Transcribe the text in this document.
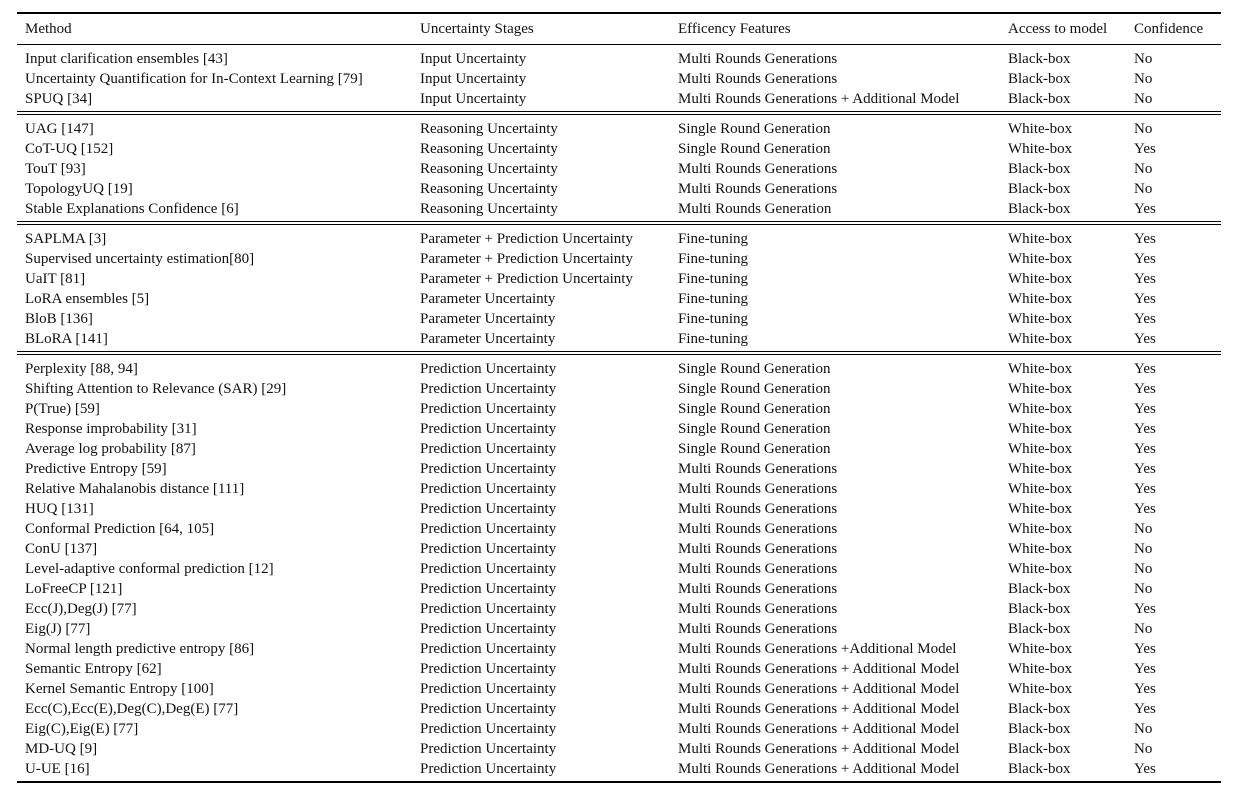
Method	Uncertainty Stages	Efficency Features	Access to model	Confidence
Input clarification ensembles [43]	Input Uncertainty	Multi Rounds Generations	Black-box	No
Uncertainty Quantification for In-Context Learning [79]	Input Uncertainty	Multi Rounds Generations	Black-box	No
SPUQ [34]	Input Uncertainty	Multi Rounds Generations + Additional Model	Black-box	No
UAG [147]	Reasoning Uncertainty	Single Round Generation	White-box	No
CoT-UQ [152]	Reasoning Uncertainty	Single Round Generation	White-box	Yes
TouT [93]	Reasoning Uncertainty	Multi Rounds Generations	Black-box	No
TopologyUQ [19]	Reasoning Uncertainty	Multi Rounds Generations	Black-box	No
Stable Explanations Confidence [6]	Reasoning Uncertainty	Multi Rounds Generation	Black-box	Yes
SAPLMA [3]	Parameter + Prediction Uncertainty	Fine-tuning	White-box	Yes
Supervised uncertainty estimation[80]	Parameter + Prediction Uncertainty	Fine-tuning	White-box	Yes
UaIT [81]	Parameter + Prediction Uncertainty	Fine-tuning	White-box	Yes
LoRA ensembles [5]	Parameter Uncertainty	Fine-tuning	White-box	Yes
BloB [136]	Parameter Uncertainty	Fine-tuning	White-box	Yes
BLoRA [141]	Parameter Uncertainty	Fine-tuning	White-box	Yes
Perplexity [88, 94]	Prediction Uncertainty	Single Round Generation	White-box	Yes
Shifting Attention to Relevance (SAR) [29]	Prediction Uncertainty	Single Round Generation	White-box	Yes
P(True) [59]	Prediction Uncertainty	Single Round Generation	White-box	Yes
Response improbability [31]	Prediction Uncertainty	Single Round Generation	White-box	Yes
Average log probability [87]	Prediction Uncertainty	Single Round Generation	White-box	Yes
Predictive Entropy [59]	Prediction Uncertainty	Multi Rounds Generations	White-box	Yes
Relative Mahalanobis distance [111]	Prediction Uncertainty	Multi Rounds Generations	White-box	Yes
HUQ [131]	Prediction Uncertainty	Multi Rounds Generations	White-box	Yes
Conformal Prediction [64, 105]	Prediction Uncertainty	Multi Rounds Generations	White-box	No
ConU [137]	Prediction Uncertainty	Multi Rounds Generations	White-box	No
Level-adaptive conformal prediction [12]	Prediction Uncertainty	Multi Rounds Generations	White-box	No
LoFreeCP [121]	Prediction Uncertainty	Multi Rounds Generations	Black-box	No
Ecc(J),Deg(J) [77]	Prediction Uncertainty	Multi Rounds Generations	Black-box	Yes
Eig(J) [77]	Prediction Uncertainty	Multi Rounds Generations	Black-box	No
Normal length predictive entropy [86]	Prediction Uncertainty	Multi Rounds Generations +Additional Model	White-box	Yes
Semantic Entropy [62]	Prediction Uncertainty	Multi Rounds Generations + Additional Model	White-box	Yes
Kernel Semantic Entropy [100]	Prediction Uncertainty	Multi Rounds Generations + Additional Model	White-box	Yes
Ecc(C),Ecc(E),Deg(C),Deg(E) [77]	Prediction Uncertainty	Multi Rounds Generations + Additional Model	Black-box	Yes
Eig(C),Eig(E) [77]	Prediction Uncertainty	Multi Rounds Generations + Additional Model	Black-box	No
MD-UQ [9]	Prediction Uncertainty	Multi Rounds Generations + Additional Model	Black-box	No
U-UE [16]	Prediction Uncertainty	Multi Rounds Generations + Additional Model	Black-box	Yes
